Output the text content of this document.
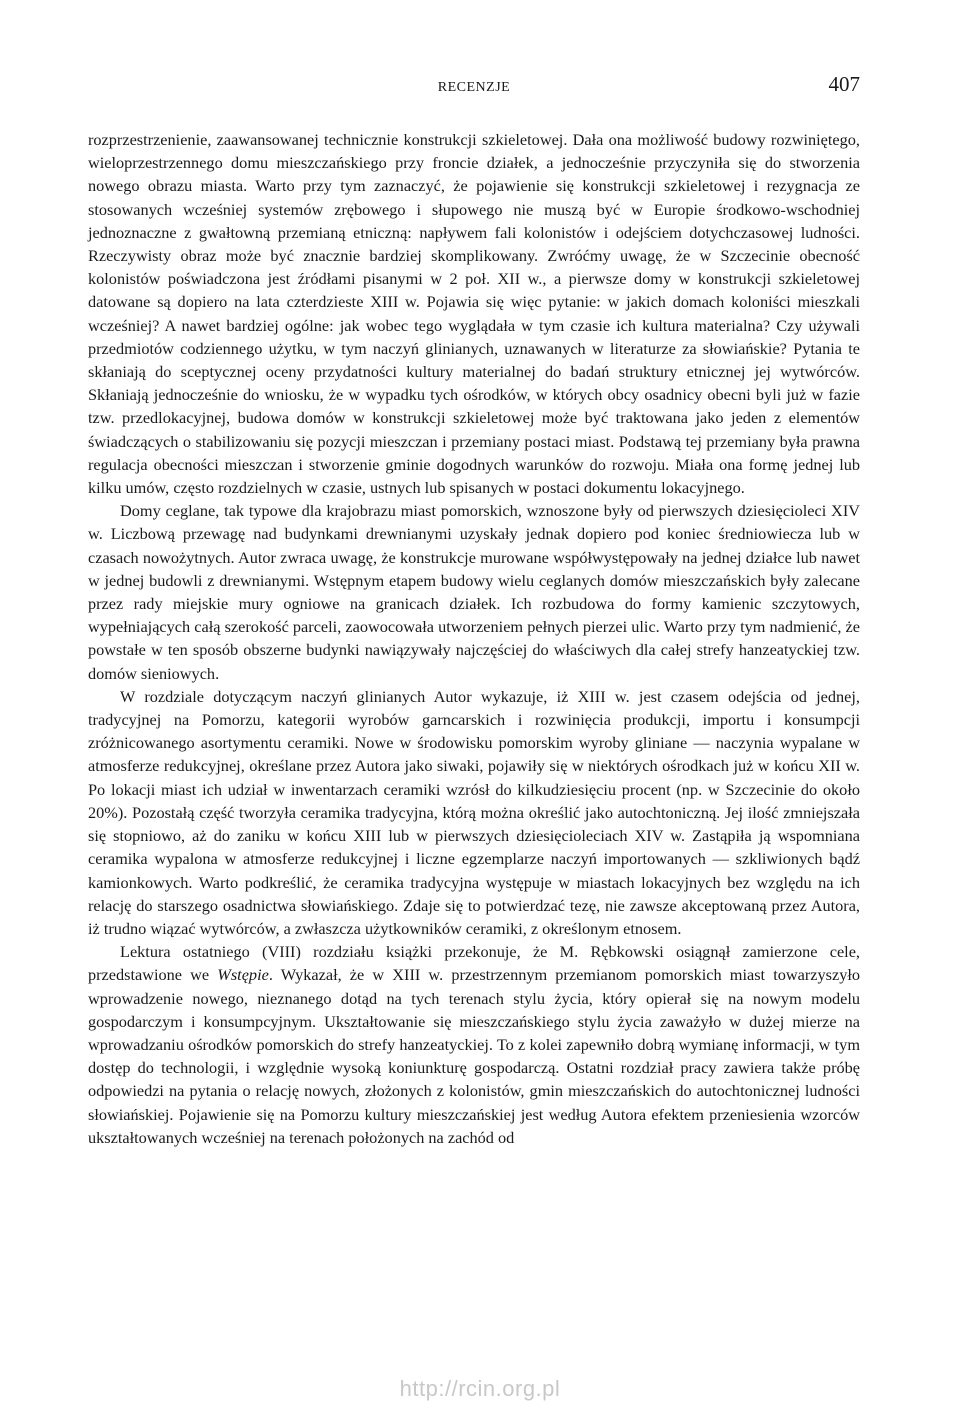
RECENZJE	407

rozprzestrzenienie, zaawansowanej technicznie konstrukcji szkieletowej. Dała ona możliwość budowy rozwiniętego, wieloprzestrzennego domu mieszczańskiego przy froncie działek, a jednocześnie przyczyniła się do stworzenia nowego obrazu miasta. Warto przy tym zaznaczyć, że pojawienie się konstrukcji szkieletowej i rezygnacja ze stosowanych wcześniej systemów zrębowego i słupowego nie muszą być w Europie środkowo-wschodniej jednoznaczne z gwałtowną przemianą etniczną: napływem fali kolonistów i odejściem dotychczasowej ludności. Rzeczywisty obraz może być znacznie bardziej skomplikowany. Zwróćmy uwagę, że w Szczecinie obecność kolonistów poświadczona jest źródłami pisanymi w 2 poł. XII w., a pierwsze domy w konstrukcji szkieletowej datowane są dopiero na lata czterdzieste XIII w. Pojawia się więc pytanie: w jakich domach koloniści mieszkali wcześniej? A nawet bardziej ogólne: jak wobec tego wyglądała w tym czasie ich kultura materialna? Czy używali przedmiotów codziennego użytku, w tym naczyń glinianych, uznawanych w literaturze za słowiańskie? Pytania te skłaniają do sceptycznej oceny przydatności kultury materialnej do badań struktury etnicznej jej wytwórców. Skłaniają jednocześnie do wniosku, że w wypadku tych ośrodków, w których obcy osadnicy obecni byli już w fazie tzw. przedlokacyjnej, budowa domów w konstrukcji szkieletowej może być traktowana jako jeden z elementów świadczących o stabilizowaniu się pozycji mieszczan i przemiany postaci miast. Podstawą tej przemiany była prawna regulacja obecności mieszczan i stworzenie gminie dogodnych warunków do rozwoju. Miała ona formę jednej lub kilku umów, często rozdzielnych w czasie, ustnych lub spisanych w postaci dokumentu lokacyjnego.

Domy ceglane, tak typowe dla krajobrazu miast pomorskich, wznoszone były od pierwszych dziesięcioleci XIV w. Liczbową przewagę nad budynkami drewnianymi uzyskały jednak dopiero pod koniec średniowiecza lub w czasach nowożytnych. Autor zwraca uwagę, że konstrukcje murowane współwystępowały na jednej działce lub nawet w jednej budowli z drewnianymi. Wstępnym etapem budowy wielu ceglanych domów mieszczańskich były zalecane przez rady miejskie mury ogniowe na granicach działek. Ich rozbudowa do formy kamienic szczytowych, wypełniających całą szerokość parceli, zaowocowała utworzeniem pełnych pierzei ulic. Warto przy tym nadmienić, że powstałe w ten sposób obszerne budynki nawiązywały najczęściej do właściwych dla całej strefy hanzeatyckiej tzw. domów sieniowych.

W rozdziale dotyczącym naczyń glinianych Autor wykazuje, iż XIII w. jest czasem odejścia od jednej, tradycyjnej na Pomorzu, kategorii wyrobów garncarskich i rozwinięcia produkcji, importu i konsumpcji zróżnicowanego asortymentu ceramiki. Nowe w środowisku pomorskim wyroby gliniane — naczynia wypalane w atmosferze redukcyjnej, określane przez Autora jako siwaki, pojawiły się w niektórych ośrodkach już w końcu XII w. Po lokacji miast ich udział w inwentarzach ceramiki wzrósł do kilkudziesięciu procent (np. w Szczecinie do około 20%). Pozostałą część tworzyła ceramika tradycyjna, którą można określić jako autochtoniczną. Jej ilość zmniejszała się stopniowo, aż do zaniku w końcu XIII lub w pierwszych dziesięcioleciach XIV w. Zastąpiła ją wspomniana ceramika wypalona w atmosferze redukcyjnej i liczne egzemplarze naczyń importowanych — szkliwionych bądź kamionkowych. Warto podkreślić, że ceramika tradycyjna występuje w miastach lokacyjnych bez względu na ich relację do starszego osadnictwa słowiańskiego. Zdaje się to potwierdzać tezę, nie zawsze akceptowaną przez Autora, iż trudno wiązać wytwórców, a zwłaszcza użytkowników ceramiki, z określonym etnosem.

Lektura ostatniego (VIII) rozdziału książki przekonuje, że M. Rębkowski osiągnął zamierzone cele, przedstawione we Wstępie. Wykazał, że w XIII w. przestrzennym przemianom pomorskich miast towarzyszyło wprowadzenie nowego, nieznanego dotąd na tych terenach stylu życia, który opierał się na nowym modelu gospodarczym i konsumpcyjnym. Ukształtowanie się mieszczańskiego stylu życia zaważyło w dużej mierze na wprowadzaniu ośrodków pomorskich do strefy hanzeatyckiej. To z kolei zapewniło dobrą wymianę informacji, w tym dostęp do technologii, i względnie wysoką koniunkturę gospodarczą. Ostatni rozdział pracy zawiera także próbę odpowiedzi na pytania o relację nowych, złożonych z kolonistów, gmin mieszczańskich do autochtonicznej ludności słowiańskiej. Pojawienie się na Pomorzu kultury mieszczańskiej jest według Autora efektem przeniesienia wzorców ukształtowanych wcześniej na terenach położonych na zachód od

http://rcin.org.pl
